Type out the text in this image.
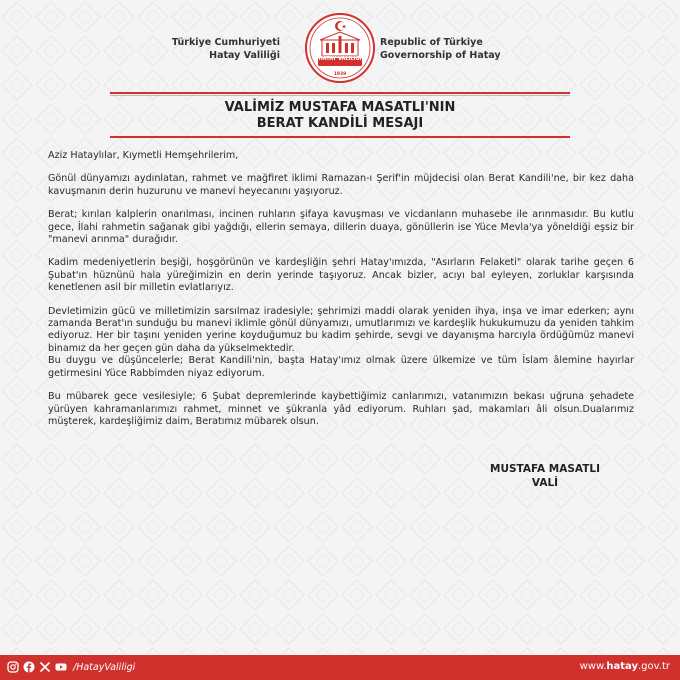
Türkiye Cumhuriyeti
Hatay Valiliği	HATAY VALİLİĞİ
1939
Republic of Türkiye
Governorship of Hatay
VALİMİZ MUSTAFA MASATLI'NIN
BERAT KANDİLİ MESAJI

Aziz Hataylılar, Kıymetli Hemşehrilerim,

Gönül dünyamızı aydınlatan, rahmet ve mağfiret iklimi Ramazan-ı Şerif'in müjdecisi olan Berat Kandili'ne, bir kez daha kavuşmanın derin huzurunu ve manevi heyecanını yaşıyoruz.

Berat; kırılan kalplerin onarılması, incinen ruhların şifaya kavuşması ve vicdanların muhasebe ile arınmasıdır. Bu kutlu gece, İlahi rahmetin sağanak gibi yağdığı, ellerin semaya, dillerin duaya, gönüllerin ise Yüce Mevla'ya yöneldiği eşsiz bir "manevi arınma" durağıdır.

Kadim medeniyetlerin beşiği, hoşgörünün ve kardeşliğin şehri Hatay'ımızda, "Asırların Felaketi" olarak tarihe geçen 6 Şubat'ın hüznünü hala yüreğimizin en derin yerinde taşıyoruz. Ancak bizler, acıyı bal eyleyen, zorluklar karşısında kenetlenen asil bir milletin evlatlarıyız.

Devletimizin gücü ve milletimizin sarsılmaz iradesiyle; şehrimizi maddi olarak yeniden ihya, inşa ve imar ederken; aynı zamanda Berat'ın sunduğu bu manevi iklimle gönül dünyamızı, umutlarımızı ve kardeşlik hukukumuzu da yeniden tahkim ediyoruz. Her bir taşını yeniden yerine koyduğumuz bu kadim şehirde, sevgi ve dayanışma harcıyla ördüğümüz manevi binamız da her geçen gün daha da yükselmektedir.

Bu duygu ve düşüncelerle; Berat Kandili'nin, başta Hatay'ımız olmak üzere ülkemize ve tüm İslam âlemine hayırlar getirmesini Yüce Rabbimden niyaz ediyorum.

Bu mübarek gece vesilesiyle; 6 Şubat depremlerinde kaybettiğimiz canlarımızı, vatanımızın bekası uğruna şehadete yürüyen kahramanlarımızı rahmet, minnet ve şükranla yâd ediyorum. Ruhları şad, makamları âli olsun.Dualarımız müşterek, kardeşliğimiz daim, Beratımız mübarek olsun.

MUSTAFA MASATLI
VALİ
/HatayValiligi	www.hatay.gov.tr
